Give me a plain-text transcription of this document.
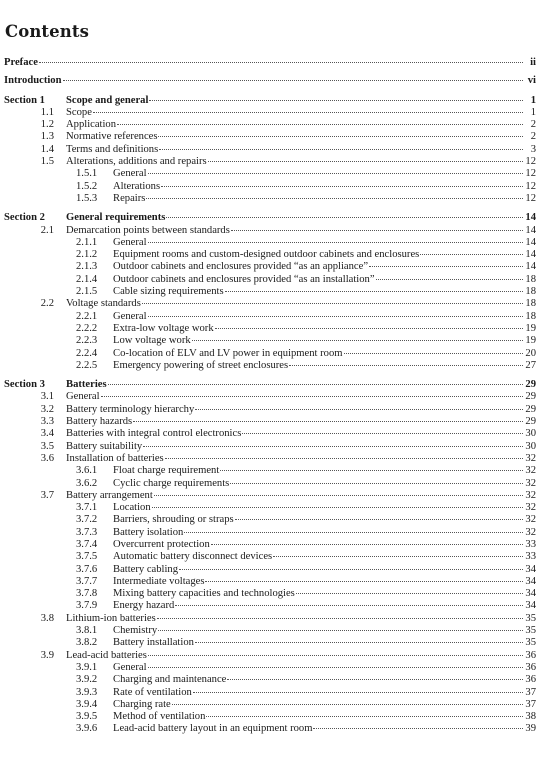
Contents
Preface	ii
Introduction	vi
Section 1	Scope and general	1
1.1	Scope	1
1.2	Application	2
1.3	Normative references	2
1.4	Terms and definitions	3
1.5	Alterations, additions and repairs	12
1.5.1	General	12
1.5.2	Alterations	12
1.5.3	Repairs	12
Section 2	General requirements	14
2.1	Demarcation points between standards	14
2.1.1	General	14
2.1.2	Equipment rooms and custom-designed outdoor cabinets and enclosures	14
2.1.3	Outdoor cabinets and enclosures provided “as an appliance”	14
2.1.4	Outdoor cabinets and enclosures provided “as an installation”	18
2.1.5	Cable sizing requirements	18
2.2	Voltage standards	18
2.2.1	General	18
2.2.2	Extra-low voltage work	19
2.2.3	Low voltage work	19
2.2.4	Co-location of ELV and LV power in equipment room	20
2.2.5	Emergency powering of street enclosures	27
Section 3	Batteries	29
3.1	General	29
3.2	Battery terminology hierarchy	29
3.3	Battery hazards	29
3.4	Batteries with integral control electronics	30
3.5	Battery suitability	30
3.6	Installation of batteries	32
3.6.1	Float charge requirement	32
3.6.2	Cyclic charge requirements	32
3.7	Battery arrangement	32
3.7.1	Location	32
3.7.2	Barriers, shrouding or straps	32
3.7.3	Battery isolation	32
3.7.4	Overcurrent protection	33
3.7.5	Automatic battery disconnect devices	33
3.7.6	Battery cabling	34
3.7.7	Intermediate voltages	34
3.7.8	Mixing battery capacities and technologies	34
3.7.9	Energy hazard	34
3.8	Lithium-ion batteries	35
3.8.1	Chemistry	35
3.8.2	Battery installation	35
3.9	Lead-acid batteries	36
3.9.1	General	36
3.9.2	Charging and maintenance	36
3.9.3	Rate of ventilation	37
3.9.4	Charging rate	37
3.9.5	Method of ventilation	38
3.9.6	Lead-acid battery layout in an equipment room	39
